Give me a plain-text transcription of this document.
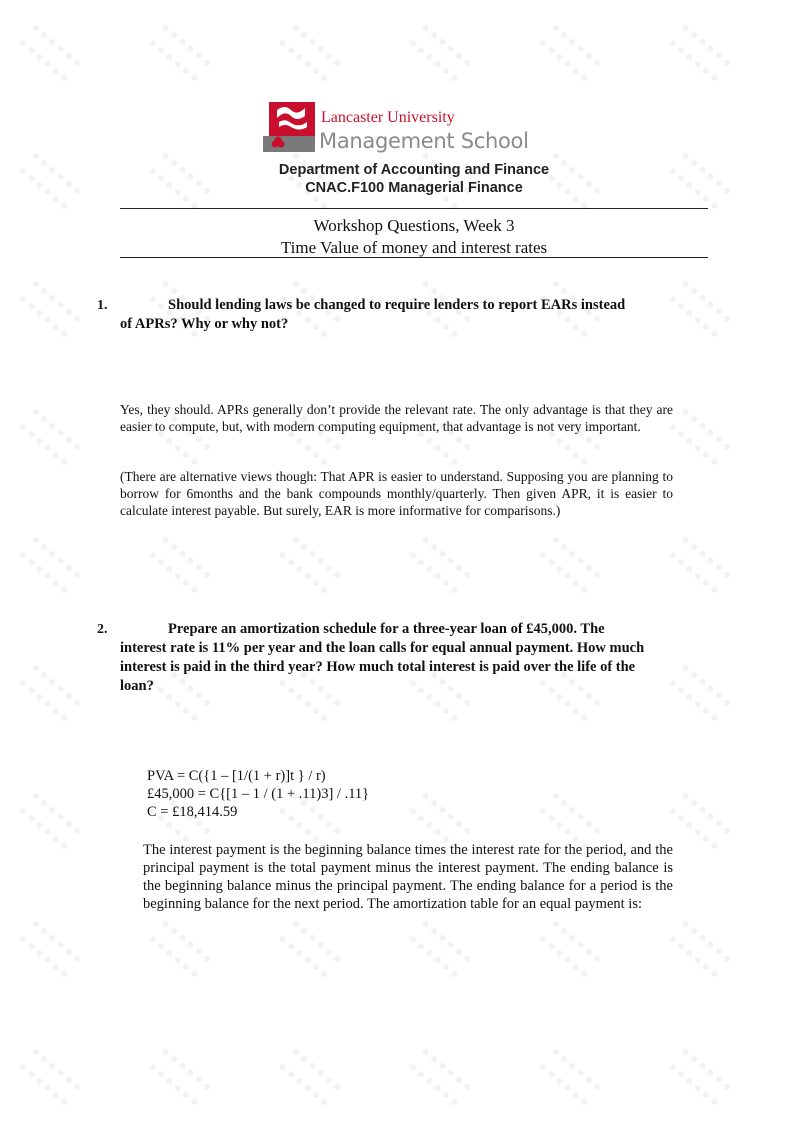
Lancaster University
Management School
Department of Accounting and Finance
CNAC.F100 Managerial Finance
Workshop Questions, Week 3
Time Value of money and interest rates
1.	Should lending laws be changed to require lenders to report EARs instead
of APRs? Why or why not?
Yes, they should. APRs generally don’t provide the relevant rate. The only advantage is that they are easier to compute, but, with modern computing equipment, that advantage is not very important.
(There are alternative views though: That APR is easier to understand. Supposing you are planning to borrow for 6months and the bank compounds monthly/quarterly. Then given APR, it is easier to calculate interest payable. But surely, EAR is more informative for comparisons.)
2.	Prepare an amortization schedule for a three-year loan of £45,000. The
interest rate is 11% per year and the loan calls for equal annual payment. How much interest is paid in the third year? How much total interest is paid over the life of the loan?
PVA = C({1 – [1/(1 + r)]t } / r)
£45,000 = C{[1 – 1 / (1 + .11)3] / .11}
C = £18,414.59
The interest payment is the beginning balance times the interest rate for the period, and the principal payment is the total payment minus the interest payment. The ending balance is the beginning balance minus the principal payment. The ending balance for a period is the beginning balance for the next period. The amortization table for an equal payment is:
